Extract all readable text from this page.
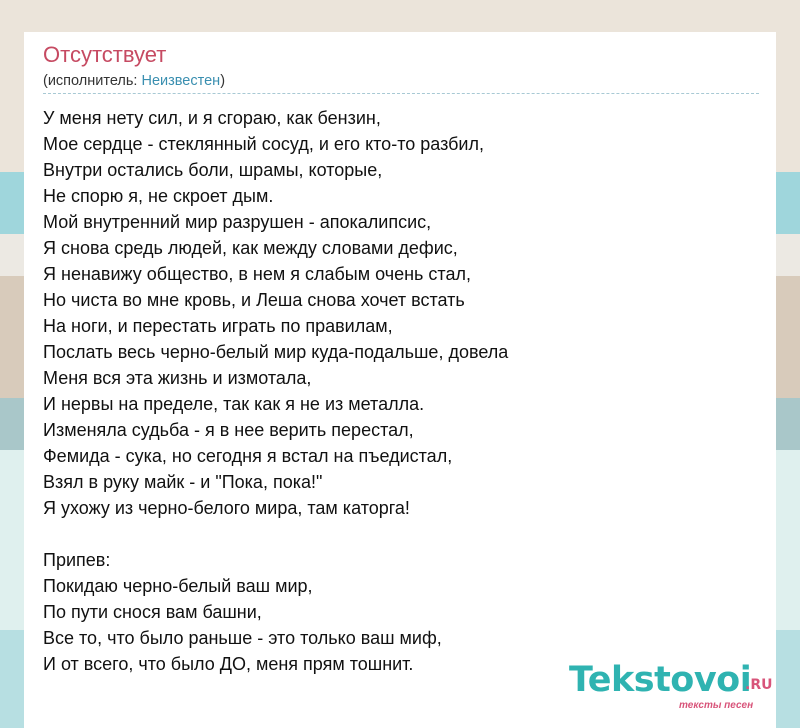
Отсутствует
(исполнитель: Неизвестен)
У меня нету сил, и я сгораю, как бензин,
Мое сердце - стеклянный сосуд, и его кто-то разбил,
Внутри остались боли, шрамы, которые,
Не спорю я, не скроет дым.
Мой внутренний мир разрушен - апокалипсис,
Я снова средь людей, как между словами дефис,
Я ненавижу общество, в нем я слабым очень стал,
Но чиста во мне кровь, и Леша снова хочет встать
На ноги, и перестать играть по правилам,
Послать весь черно-белый мир куда-подальше, довела
Меня вся эта жизнь и измотала,
И нервы на пределе, так как я не из металла.
Изменяла судьба - я в нее верить перестал,
Фемида - сука, но сегодня я встал на пъедистал,
Взял в руку майк - и "Пока, пока!"
Я ухожу из черно-белого мира, там каторга!
Припев:
Покидаю черно-белый ваш мир,
По пути снося вам башни,
Все то, что было раньше - это только ваш миф,
И от всего, что было ДО, меня прям тошнит.	Tekstovoi
.RU
тексты песен
